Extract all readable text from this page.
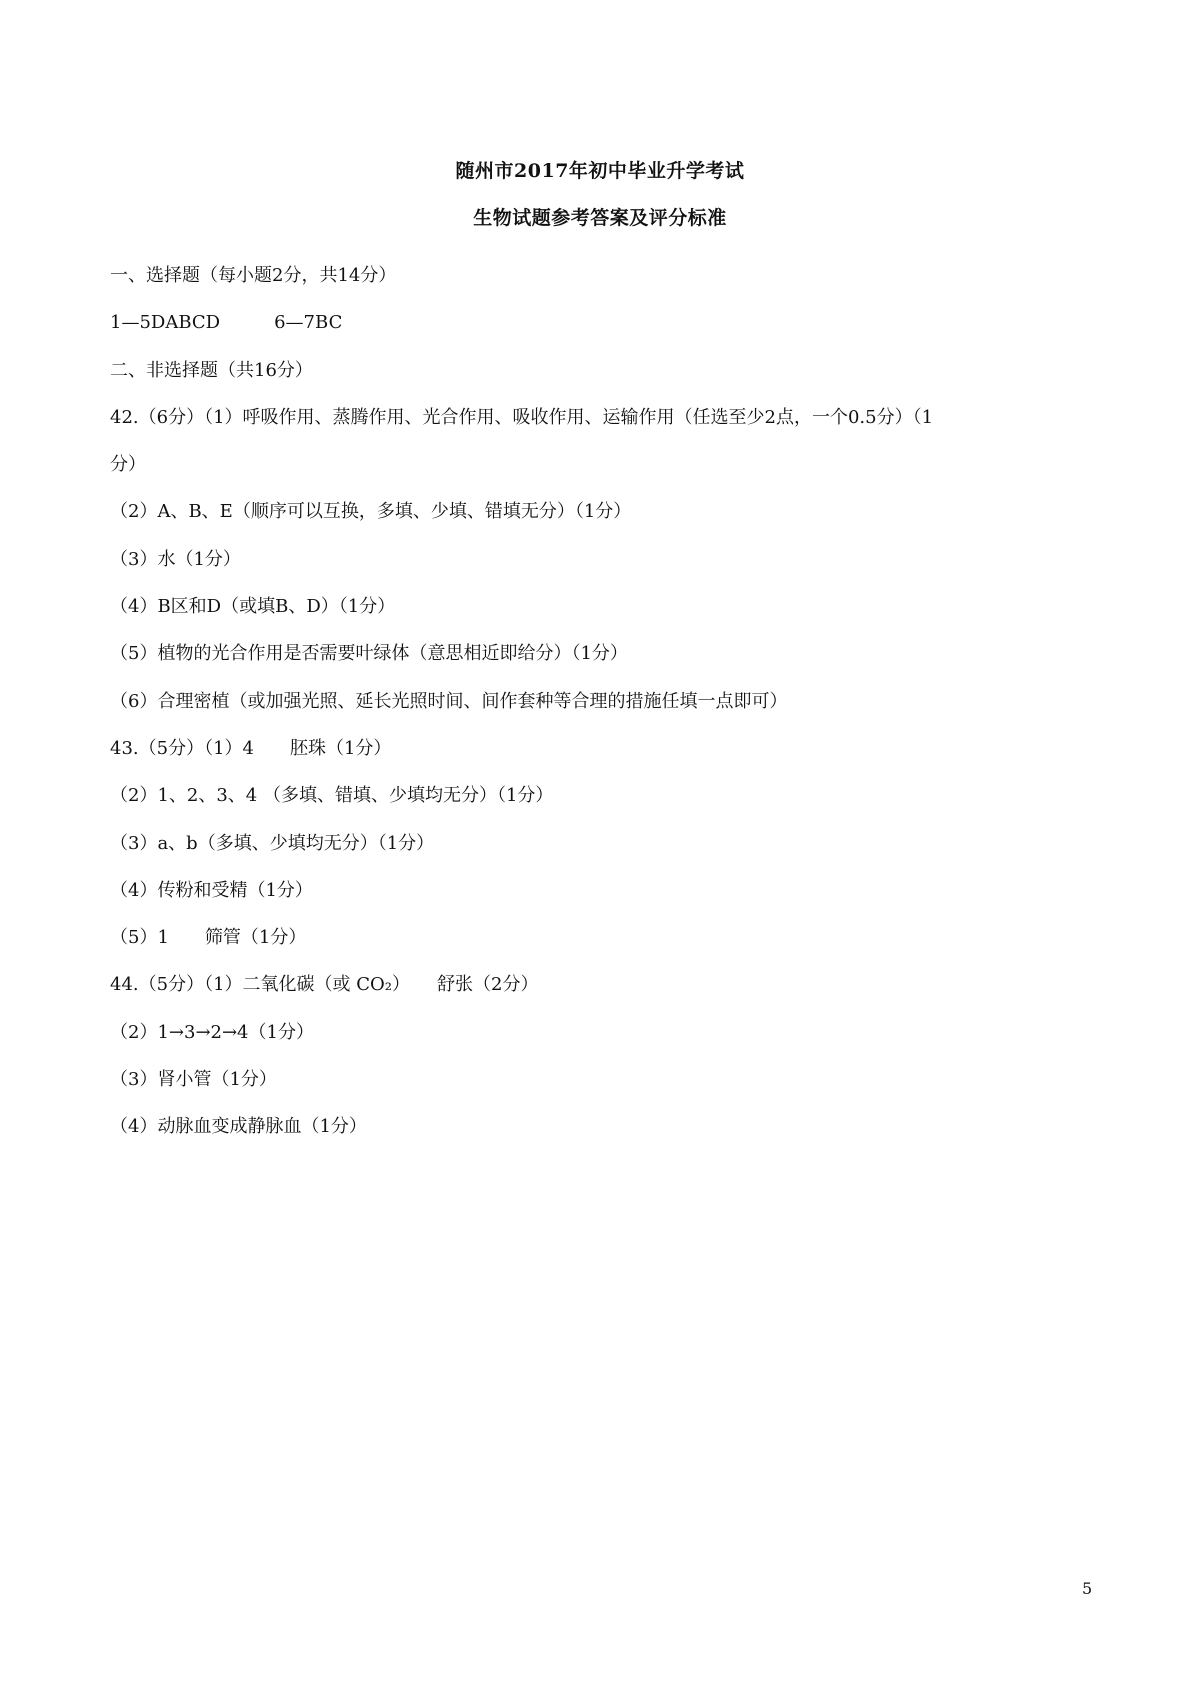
随州市2017年初中毕业升学考试
生物试题参考答案及评分标准
一、选择题（每小题2分，共14分）
1—5DABCD　　　6—7BC
二、非选择题（共16分）
42.（6分）（1）呼吸作用、蒸腾作用、光合作用、吸收作用、运输作用（任选至少2点，一个0.5分）（1
分）
（2）A、B、E（顺序可以互换，多填、少填、错填无分）（1分）
（3）水（1分）
（4）B区和D（或填B、D）（1分）
（5）植物的光合作用是否需要叶绿体（意思相近即给分）（1分）
（6）合理密植（或加强光照、延长光照时间、间作套种等合理的措施任填一点即可）
43.（5分）（1）4　　胚珠（1分）
（2）1、2、3、4 （多填、错填、少填均无分）（1分）
（3）a、b（多填、少填均无分）（1分）
（4）传粉和受精（1分）
（5）1　　筛管（1分）
44.（5分）（1）二氧化碳（或 CO₂）　　舒张（2分）
（2）1→3→2→4（1分）
（3）肾小管（1分）
（4）动脉血变成静脉血（1分）
5
